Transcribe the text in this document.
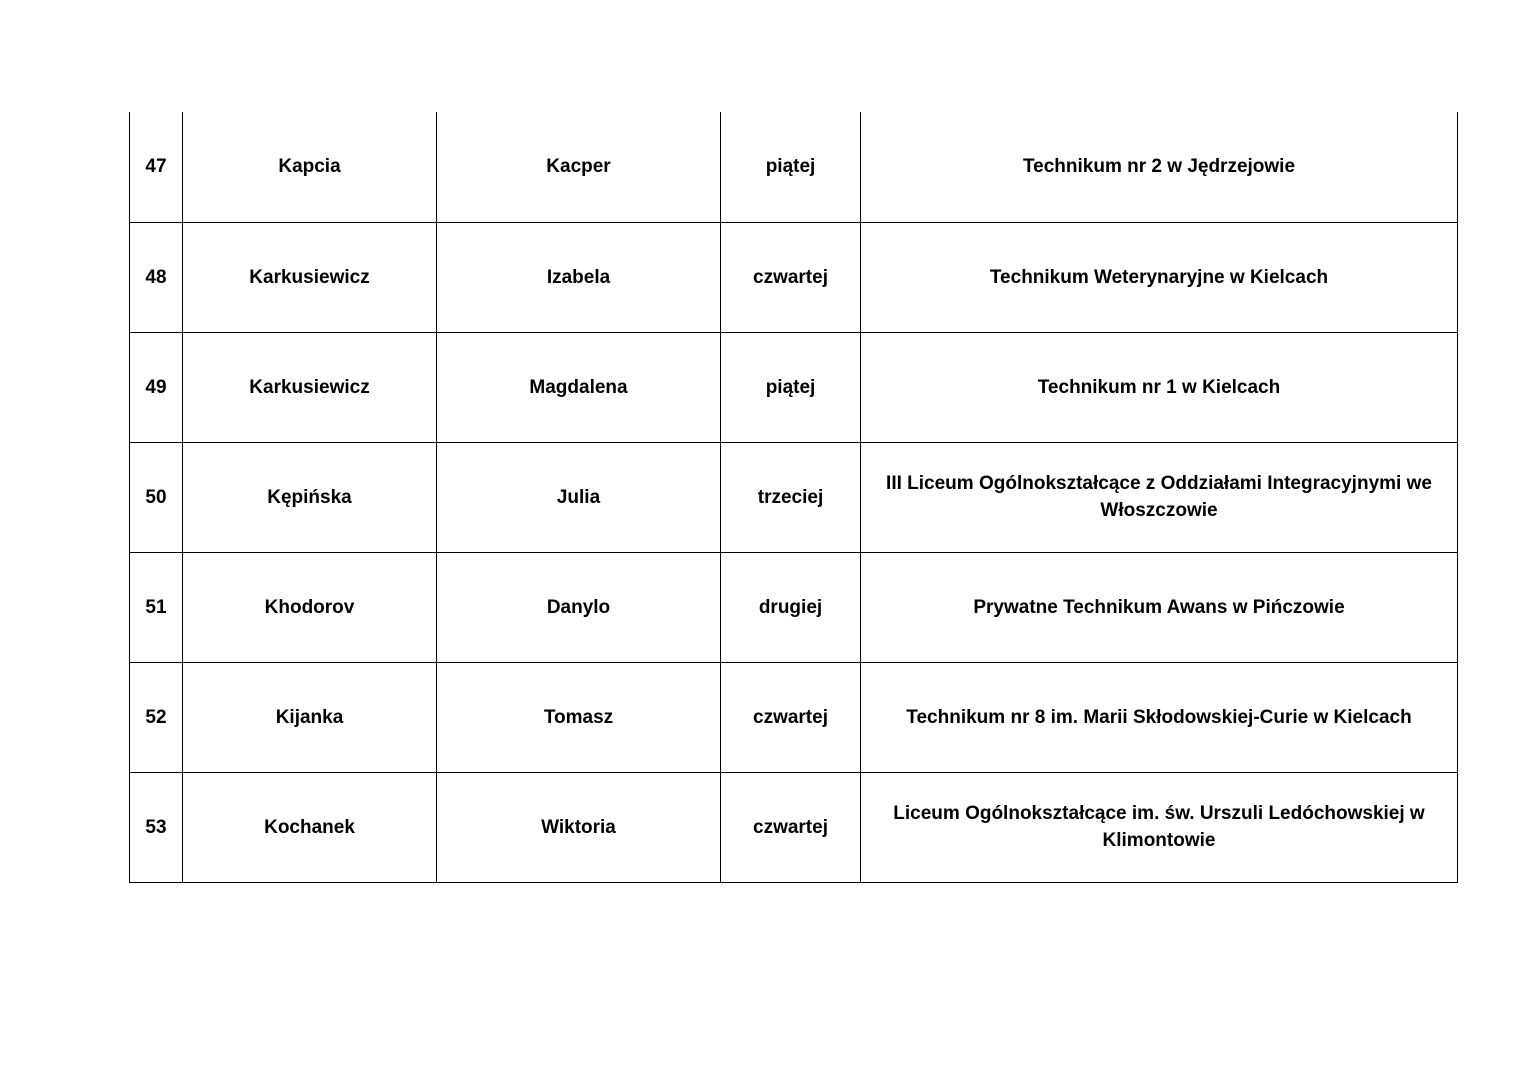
47	Kapcia	Kacper	piątej	Technikum nr 2 w Jędrzejowie
48	Karkusiewicz	Izabela	czwartej	Technikum Weterynaryjne w Kielcach
49	Karkusiewicz	Magdalena	piątej	Technikum nr 1 w Kielcach
50	Kępińska	Julia	trzeciej	III Liceum Ogólnokształcące z Oddziałami Integracyjnymi we Włoszczowie
51	Khodorov	Danylo	drugiej	Prywatne Technikum Awans w Pińczowie
52	Kijanka	Tomasz	czwartej	Technikum nr 8 im. Marii Skłodowskiej-Curie w Kielcach
53	Kochanek	Wiktoria	czwartej	Liceum Ogólnokształcące im. św. Urszuli Ledóchowskiej w Klimontowie
